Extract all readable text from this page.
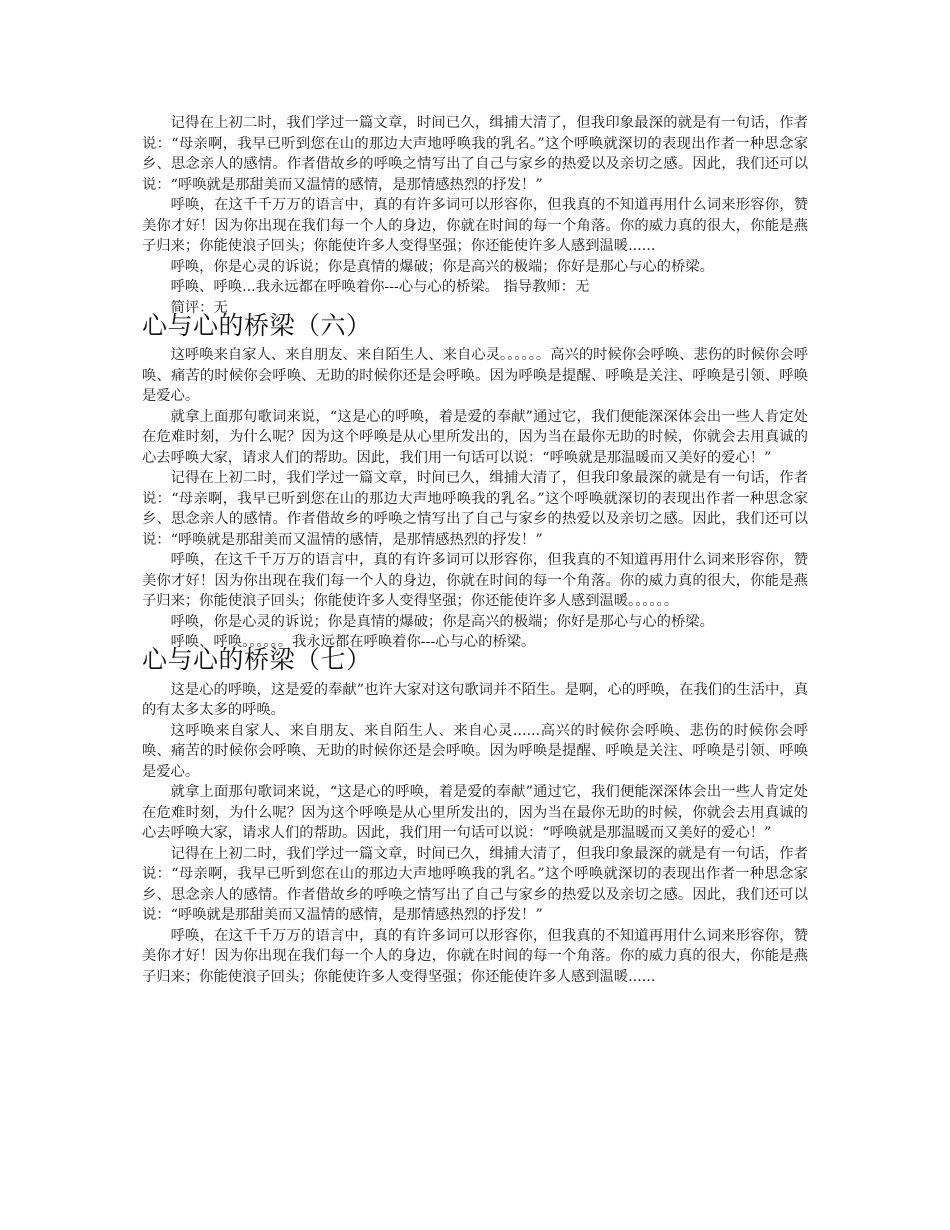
记得在上初二时，我们学过一篇文章，时间已久，缉捕大清了，但我印象最深的就是有一句话，作者说：“母亲啊，我早已听到您在山的那边大声地呼唤我的乳名。”这个呼唤就深切的表现出作者一种思念家乡、思念亲人的感情。作者借故乡的呼唤之情写出了自己与家乡的热爱以及亲切之感。因此，我们还可以说：“呼唤就是那甜美而又温情的感情，是那情感热烈的抒发！”

呼唤，在这千千万万的语言中，真的有许多词可以形容你，但我真的不知道再用什么词来形容你，赞美你才好！因为你出现在我们每一个人的身边，你就在时间的每一个角落。你的威力真的很大，你能是燕子归来；你能使浪子回头；你能使许多人变得坚强；你还能使许多人感到温暖......

呼唤，你是心灵的诉说；你是真情的爆破；你是高兴的极端；你好是那心与心的桥梁。

呼唤、呼唤...我永远都在呼唤着你---心与心的桥梁。 指导教师：无

简评：无

心与心的桥梁（六）

这呼唤来自家人、来自朋友、来自陌生人、来自心灵。。。。。。高兴的时候你会呼唤、悲伤的时候你会呼唤、痛苦的时候你会呼唤、无助的时候你还是会呼唤。因为呼唤是提醒、呼唤是关注、呼唤是引领、呼唤是爱心。

就拿上面那句歌词来说，“这是心的呼唤，着是爱的奉献”通过它，我们便能深深体会出一些人肯定处在危难时刻，为什么呢？因为这个呼唤是从心里所发出的，因为当在最你无助的时候，你就会去用真诚的心去呼唤大家，请求人们的帮助。因此，我们用一句话可以说：“呼唤就是那温暖而又美好的爱心！”

记得在上初二时，我们学过一篇文章，时间已久，缉捕大清了，但我印象最深的就是有一句话，作者说：“母亲啊，我早已听到您在山的那边大声地呼唤我的乳名。”这个呼唤就深切的表现出作者一种思念家乡、思念亲人的感情。作者借故乡的呼唤之情写出了自己与家乡的热爱以及亲切之感。因此，我们还可以说：“呼唤就是那甜美而又温情的感情，是那情感热烈的抒发！”

呼唤，在这千千万万的语言中，真的有许多词可以形容你，但我真的不知道再用什么词来形容你，赞美你才好！因为你出现在我们每一个人的身边，你就在时间的每一个角落。你的威力真的很大，你能是燕子归来；你能使浪子回头；你能使许多人变得坚强；你还能使许多人感到温暖。。。。。。

呼唤，你是心灵的诉说；你是真情的爆破；你是高兴的极端；你好是那心与心的桥梁。

呼唤、呼唤。。。。。。我永远都在呼唤着你---心与心的桥梁。

心与心的桥梁（七）

这是心的呼唤，这是爱的奉献”也许大家对这句歌词并不陌生。是啊，心的呼唤，在我们的生活中，真的有太多太多的呼唤。

这呼唤来自家人、来自朋友、来自陌生人、来自心灵......高兴的时候你会呼唤、悲伤的时候你会呼唤、痛苦的时候你会呼唤、无助的时候你还是会呼唤。因为呼唤是提醒、呼唤是关注、呼唤是引领、呼唤是爱心。

就拿上面那句歌词来说，“这是心的呼唤，着是爱的奉献”通过它，我们便能深深体会出一些人肯定处在危难时刻，为什么呢？因为这个呼唤是从心里所发出的，因为当在最你无助的时候，你就会去用真诚的心去呼唤大家，请求人们的帮助。因此，我们用一句话可以说：“呼唤就是那温暖而又美好的爱心！”

记得在上初二时，我们学过一篇文章，时间已久，缉捕大清了，但我印象最深的就是有一句话，作者说：“母亲啊，我早已听到您在山的那边大声地呼唤我的乳名。”这个呼唤就深切的表现出作者一种思念家乡、思念亲人的感情。作者借故乡的呼唤之情写出了自己与家乡的热爱以及亲切之感。因此，我们还可以说：“呼唤就是那甜美而又温情的感情，是那情感热烈的抒发！”

呼唤，在这千千万万的语言中，真的有许多词可以形容你，但我真的不知道再用什么词来形容你，赞美你才好！因为你出现在我们每一个人的身边，你就在时间的每一个角落。你的威力真的很大，你能是燕子归来；你能使浪子回头；你能使许多人变得坚强；你还能使许多人感到温暖......
